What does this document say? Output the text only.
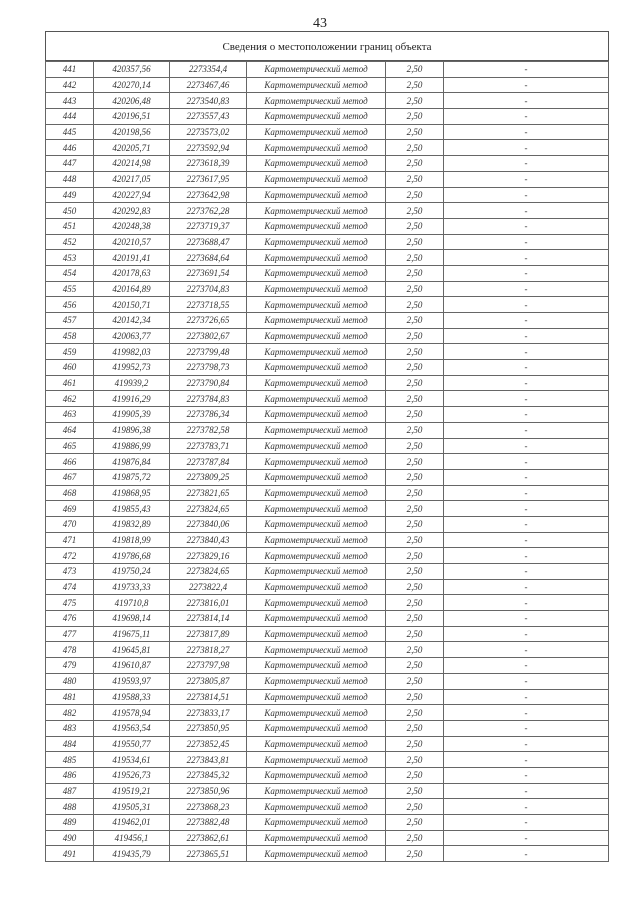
43
Сведения о местоположении границ объекта
441	420357,56	2273354,4	Картометрический метод	2,50	-
442	420270,14	2273467,46	Картометрический метод	2,50	-
443	420206,48	2273540,83	Картометрический метод	2,50	-
444	420196,51	2273557,43	Картометрический метод	2,50	-
445	420198,56	2273573,02	Картометрический метод	2,50	-
446	420205,71	2273592,94	Картометрический метод	2,50	-
447	420214,98	2273618,39	Картометрический метод	2,50	-
448	420217,05	2273617,95	Картометрический метод	2,50	-
449	420227,94	2273642,98	Картометрический метод	2,50	-
450	420292,83	2273762,28	Картометрический метод	2,50	-
451	420248,38	2273719,37	Картометрический метод	2,50	-
452	420210,57	2273688,47	Картометрический метод	2,50	-
453	420191,41	2273684,64	Картометрический метод	2,50	-
454	420178,63	2273691,54	Картометрический метод	2,50	-
455	420164,89	2273704,83	Картометрический метод	2,50	-
456	420150,71	2273718,55	Картометрический метод	2,50	-
457	420142,34	2273726,65	Картометрический метод	2,50	-
458	420063,77	2273802,67	Картометрический метод	2,50	-
459	419982,03	2273799,48	Картометрический метод	2,50	-
460	419952,73	2273798,73	Картометрический метод	2,50	-
461	419939,2	2273790,84	Картометрический метод	2,50	-
462	419916,29	2273784,83	Картометрический метод	2,50	-
463	419905,39	2273786,34	Картометрический метод	2,50	-
464	419896,38	2273782,58	Картометрический метод	2,50	-
465	419886,99	2273783,71	Картометрический метод	2,50	-
466	419876,84	2273787,84	Картометрический метод	2,50	-
467	419875,72	2273809,25	Картометрический метод	2,50	-
468	419868,95	2273821,65	Картометрический метод	2,50	-
469	419855,43	2273824,65	Картометрический метод	2,50	-
470	419832,89	2273840,06	Картометрический метод	2,50	-
471	419818,99	2273840,43	Картометрический метод	2,50	-
472	419786,68	2273829,16	Картометрический метод	2,50	-
473	419750,24	2273824,65	Картометрический метод	2,50	-
474	419733,33	2273822,4	Картометрический метод	2,50	-
475	419710,8	2273816,01	Картометрический метод	2,50	-
476	419698,14	2273814,14	Картометрический метод	2,50	-
477	419675,11	2273817,89	Картометрический метод	2,50	-
478	419645,81	2273818,27	Картометрический метод	2,50	-
479	419610,87	2273797,98	Картометрический метод	2,50	-
480	419593,97	2273805,87	Картометрический метод	2,50	-
481	419588,33	2273814,51	Картометрический метод	2,50	-
482	419578,94	2273833,17	Картометрический метод	2,50	-
483	419563,54	2273850,95	Картометрический метод	2,50	-
484	419550,77	2273852,45	Картометрический метод	2,50	-
485	419534,61	2273843,81	Картометрический метод	2,50	-
486	419526,73	2273845,32	Картометрический метод	2,50	-
487	419519,21	2273850,96	Картометрический метод	2,50	-
488	419505,31	2273868,23	Картометрический метод	2,50	-
489	419462,01	2273882,48	Картометрический метод	2,50	-
490	419456,1	2273862,61	Картометрический метод	2,50	-
491	419435,79	2273865,51	Картометрический метод	2,50	-
